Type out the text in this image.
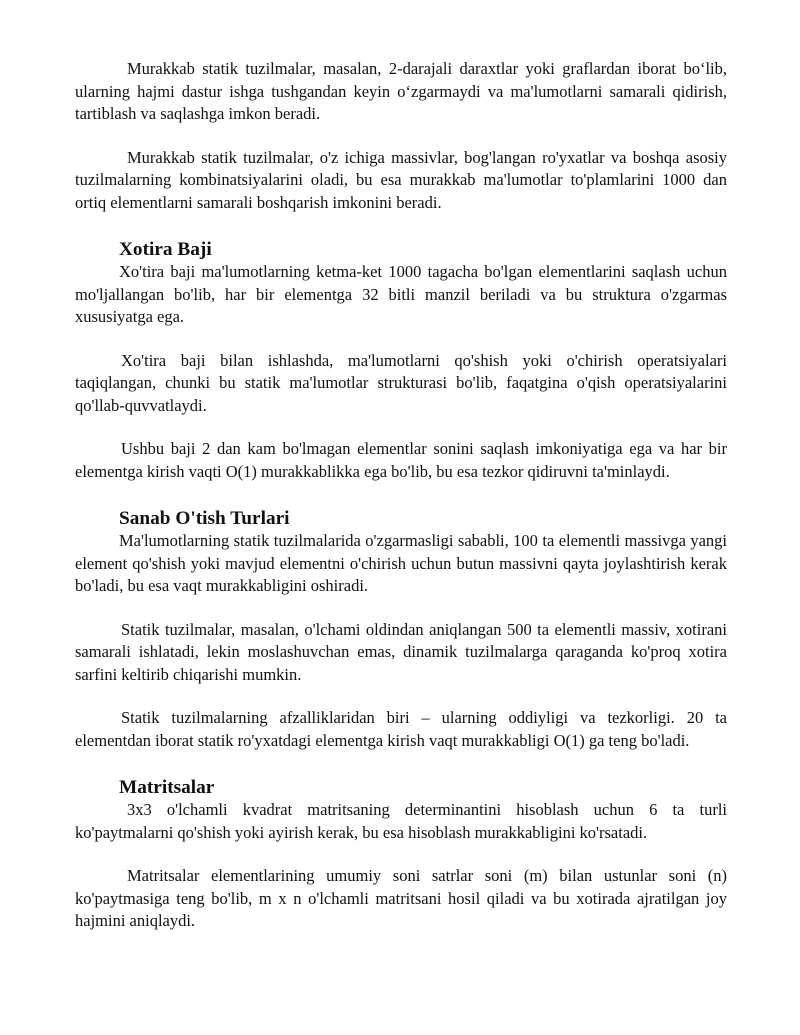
Murakkab statik tuzilmalar, masalan, 2-darajali daraxtlar yoki graflardan iborat bo‘lib, ularning hajmi dastur ishga tushgandan keyin o‘zgarmaydi va ma'lumotlarni samarali qidirish, tartiblash va saqlashga imkon beradi.

Murakkab statik tuzilmalar, o'z ichiga massivlar, bog'langan ro'yxatlar va boshqa asosiy tuzilmalarning kombinatsiyalarini oladi, bu esa murakkab ma'lumotlar to'plamlarini 1000 dan ortiq elementlarni samarali boshqarish imkonini beradi.

Xotira Baji

Xo'tira baji ma'lumotlarning ketma-ket 1000 tagacha bo'lgan elementlarini saqlash uchun mo'ljallangan bo'lib, har bir elementga 32 bitli manzil beriladi va bu struktura o'zgarmas xususiyatga ega.

Xo'tira baji bilan ishlashda, ma'lumotlarni qo'shish yoki o'chirish operatsiyalari taqiqlangan, chunki bu statik ma'lumotlar strukturasi bo'lib, faqatgina o'qish operatsiyalarini qo'llab-quvvatlaydi.

Ushbu baji 2 dan kam bo'lmagan elementlar sonini saqlash imkoniyatiga ega va har bir elementga kirish vaqti O(1) murakkablikka ega bo'lib, bu esa tezkor qidiruvni ta'minlaydi.

Sanab O'tish Turlari

Ma'lumotlarning statik tuzilmalarida o'zgarmasligi sababli, 100 ta elementli massivga yangi element qo'shish yoki mavjud elementni o'chirish uchun butun massivni qayta joylashtirish kerak bo'ladi, bu esa vaqt murakkabligini oshiradi.

Statik tuzilmalar, masalan, o'lchami oldindan aniqlangan 500 ta elementli massiv, xotirani samarali ishlatadi, lekin moslashuvchan emas, dinamik tuzilmalarga qaraganda ko'proq xotira sarfini keltirib chiqarishi mumkin.

Statik tuzilmalarning afzalliklaridan biri – ularning oddiyligi va tezkorligi. 20 ta elementdan iborat statik ro'yxatdagi elementga kirish vaqt murakkabligi O(1) ga teng bo'ladi.

Matritsalar

3x3 o'lchamli kvadrat matritsaning determinantini hisoblash uchun 6 ta turli ko'paytmalarni qo'shish yoki ayirish kerak, bu esa hisoblash murakkabligini ko'rsatadi.

Matritsalar elementlarining umumiy soni satrlar soni (m) bilan ustunlar soni (n) ko'paytmasiga teng bo'lib, m x n o'lchamli matritsani hosil qiladi va bu xotirada ajratilgan joy hajmini aniqlaydi.
